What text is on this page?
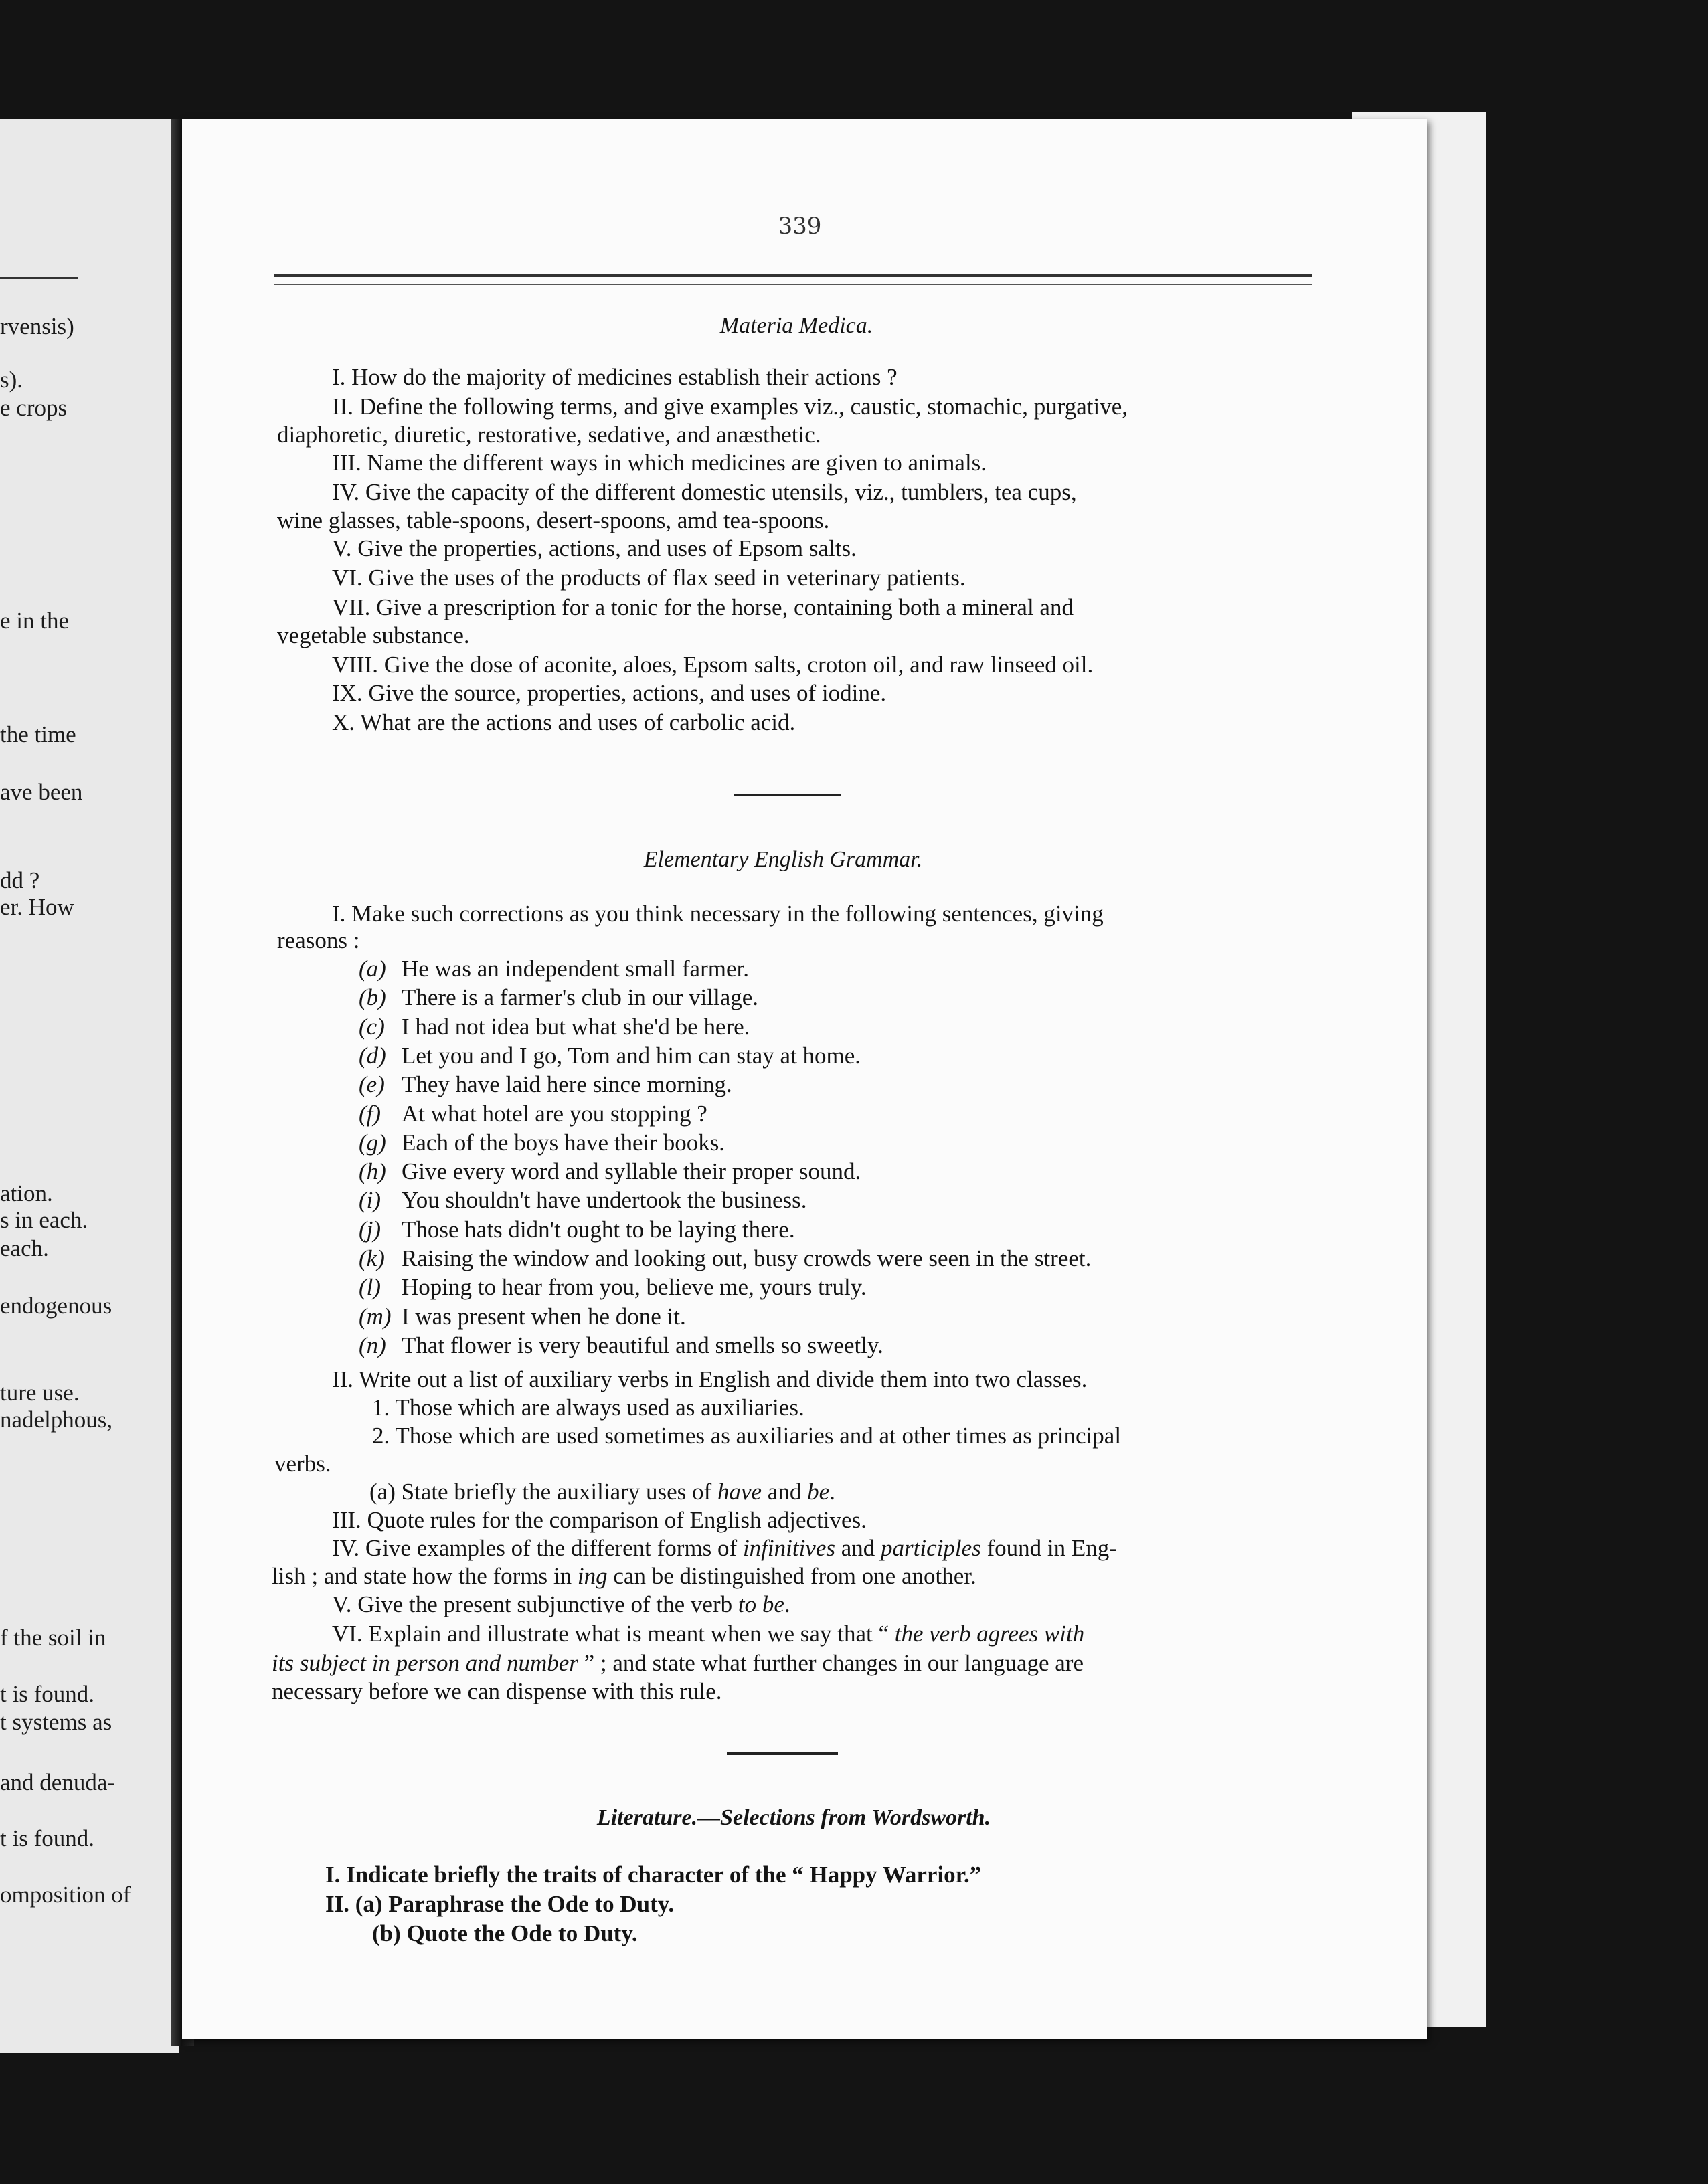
rvensis)
s).
e crops
e in the
the time
ave been
dd ?
er. How
ation.
s in each.
each.
endogenous
ture use.
nadelphous,
f the soil in
t is found.
t systems as
and denuda-
t is found.
omposition of
339
Materia Medica.
I. How do the majority of medicines establish their actions ?
II. Define the following terms, and give examples viz., caustic, stomachic, purgative,
diaphoretic, diuretic, restorative, sedative, and anæsthetic.
III. Name the different ways in which medicines are given to animals.
IV. Give the capacity of the different domestic utensils, viz., tumblers, tea cups,
wine glasses, table-spoons, desert-spoons, amd tea-spoons.
V. Give the properties, actions, and uses of Epsom salts.
VI. Give the uses of the products of flax seed in veterinary patients.
VII. Give a prescription for a tonic for the horse, containing both a mineral and
vegetable substance.
VIII. Give the dose of aconite, aloes, Epsom salts, croton oil, and raw linseed oil.
IX. Give the source, properties, actions, and uses of iodine.
X. What are the actions and uses of carbolic acid.
Elementary English Grammar.
I. Make such corrections as you think necessary in the following sentences, giving
reasons :
(a) He was an independent small farmer.
(b) There is a farmer's club in our village.
(c) I had not idea but what she'd be here.
(d) Let you and I go, Tom and him can stay at home.
(e) They have laid here since morning.
(f) At what hotel are you stopping ?
(g) Each of the boys have their books.
(h) Give every word and syllable their proper sound.
(i) You shouldn't have undertook the business.
(j) Those hats didn't ought to be laying there.
(k) Raising the window and looking out, busy crowds were seen in the street.
(l) Hoping to hear from you, believe me, yours truly.
(m) I was present when he done it.
(n) That flower is very beautiful and smells so sweetly.
II. Write out a list of auxiliary verbs in English and divide them into two classes.
1. Those which are always used as auxiliaries.
2. Those which are used sometimes as auxiliaries and at other times as principal
verbs.
(a) State briefly the auxiliary uses of have and be.
III. Quote rules for the comparison of English adjectives.
IV. Give examples of the different forms of infinitives and participles found in Eng-
lish ; and state how the forms in ing can be distinguished from one another.
V. Give the present subjunctive of the verb to be.
VI. Explain and illustrate what is meant when we say that “ the verb agrees with
its subject in person and number ” ; and state what further changes in our language are
necessary before we can dispense with this rule.
Literature.—Selections from Wordsworth.
I. Indicate briefly the traits of character of the “ Happy Warrior.”
II. (a) Paraphrase the Ode to Duty.
(b) Quote the Ode to Duty.
